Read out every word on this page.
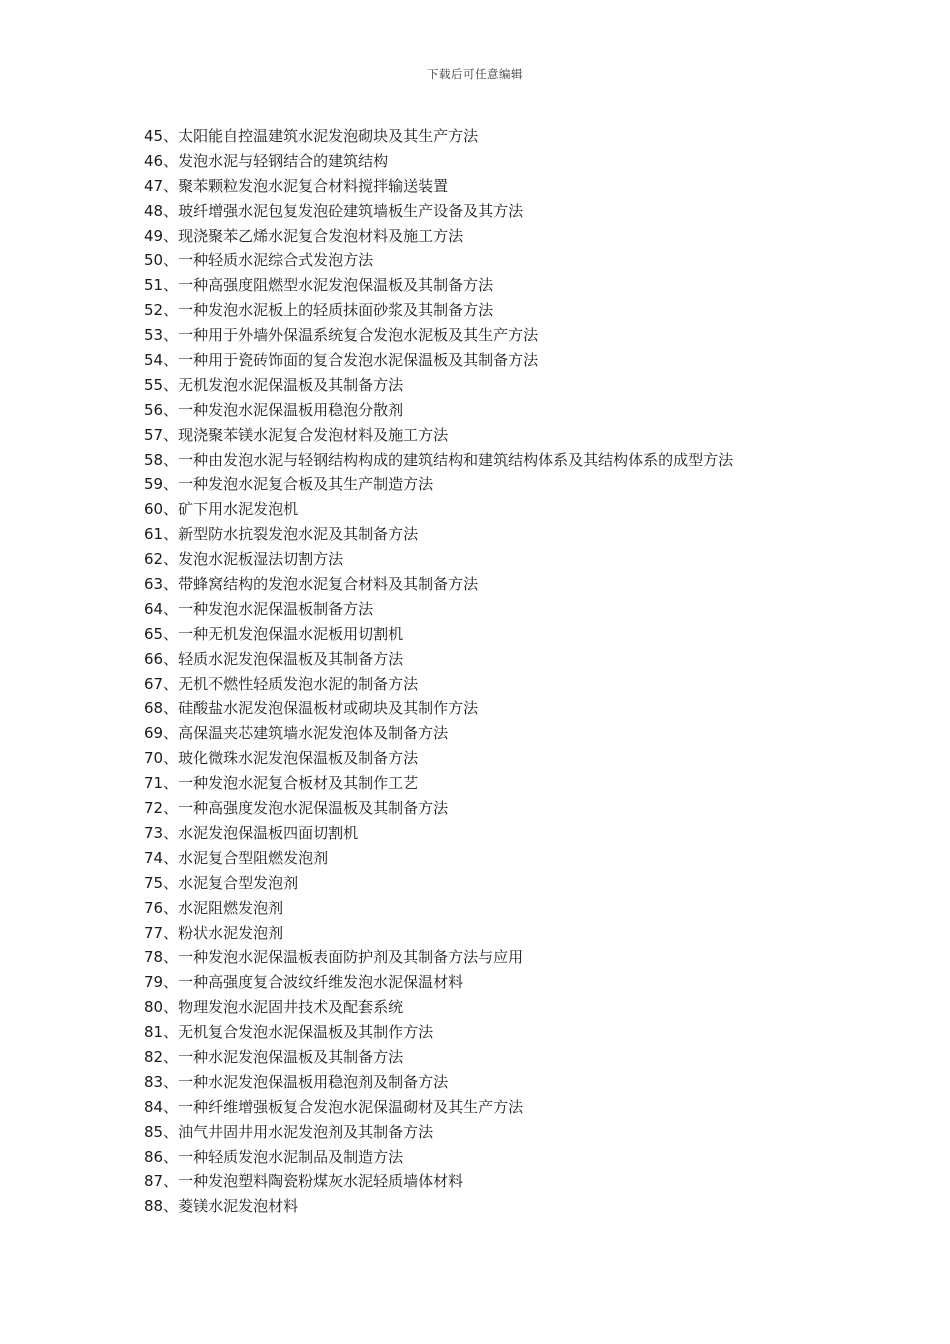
下载后可任意编辑
45、太阳能自控温建筑水泥发泡砌块及其生产方法
46、发泡水泥与轻钢结合的建筑结构
47、聚苯颗粒发泡水泥复合材料搅拌输送装置
48、玻纤增强水泥包复发泡砼建筑墙板生产设备及其方法
49、现浇聚苯乙烯水泥复合发泡材料及施工方法
50、一种轻质水泥综合式发泡方法
51、一种高强度阻燃型水泥发泡保温板及其制备方法
52、一种发泡水泥板上的轻质抹面砂浆及其制备方法
53、一种用于外墙外保温系统复合发泡水泥板及其生产方法
54、一种用于瓷砖饰面的复合发泡水泥保温板及其制备方法
55、无机发泡水泥保温板及其制备方法
56、一种发泡水泥保温板用稳泡分散剂
57、现浇聚苯镁水泥复合发泡材料及施工方法
58、一种由发泡水泥与轻钢结构构成的建筑结构和建筑结构体系及其结构体系的成型方法
59、一种发泡水泥复合板及其生产制造方法
60、矿下用水泥发泡机
61、新型防水抗裂发泡水泥及其制备方法
62、发泡水泥板湿法切割方法
63、带蜂窝结构的发泡水泥复合材料及其制备方法
64、一种发泡水泥保温板制备方法
65、一种无机发泡保温水泥板用切割机
66、轻质水泥发泡保温板及其制备方法
67、无机不燃性轻质发泡水泥的制备方法
68、硅酸盐水泥发泡保温板材或砌块及其制作方法
69、高保温夹芯建筑墙水泥发泡体及制备方法
70、玻化微珠水泥发泡保温板及制备方法
71、一种发泡水泥复合板材及其制作工艺
72、一种高强度发泡水泥保温板及其制备方法
73、水泥发泡保温板四面切割机
74、水泥复合型阻燃发泡剂
75、水泥复合型发泡剂
76、水泥阻燃发泡剂
77、粉状水泥发泡剂
78、一种发泡水泥保温板表面防护剂及其制备方法与应用
79、一种高强度复合波纹纤维发泡水泥保温材料
80、物理发泡水泥固井技术及配套系统
81、无机复合发泡水泥保温板及其制作方法
82、一种水泥发泡保温板及其制备方法
83、一种水泥发泡保温板用稳泡剂及制备方法
84、一种纤维增强板复合发泡水泥保温砌材及其生产方法
85、油气井固井用水泥发泡剂及其制备方法
86、一种轻质发泡水泥制品及制造方法
87、一种发泡塑料陶瓷粉煤灰水泥轻质墙体材料
88、菱镁水泥发泡材料
